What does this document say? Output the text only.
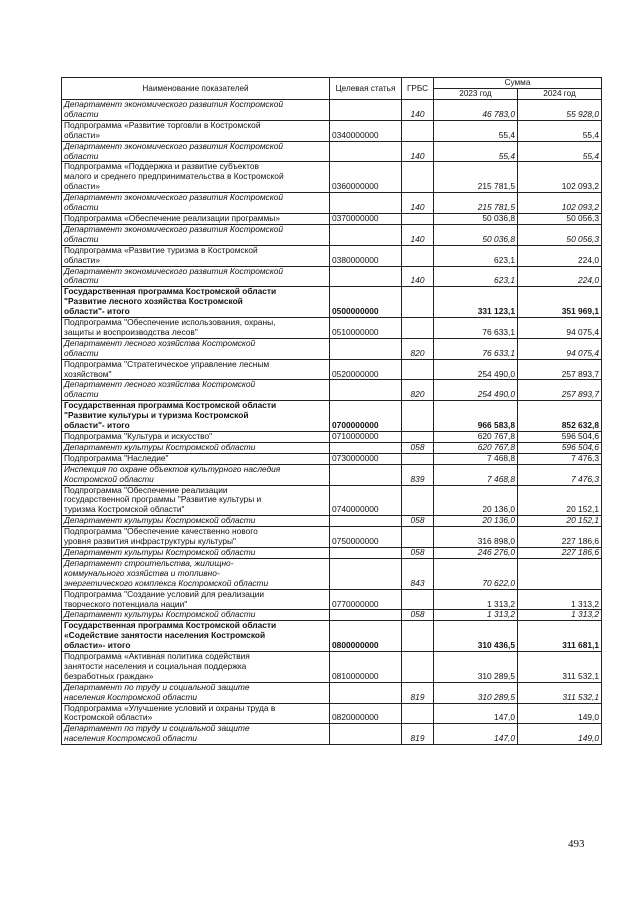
Наименование показателей	Целевая статья	ГРБС	Сумма	
			2023 год	2024 год

Департамент экономического развития Костромской
области		140	46 783,0	55 928,0

Подпрограмма «Развитие торговли в Костромской
области»	0340000000		55,4	55,4

Департамент экономического развития Костромской
области		140	55,4	55,4

Подпрограмма «Поддержка и развитие субъектов
малого и среднего предпринимательства в Костромской
области»	0360000000		215 781,5	102 093,2

Департамент экономического развития Костромской
области		140	215 781,5	102 093,2

Подпрограмма «Обеспечение реализации программы»	0370000000		50 036,8	50 056,3

Департамент экономического развития Костромской
области		140	50 036,8	50 056,3

Подпрограмма «Развитие туризма в Костромской
области»	0380000000		623,1	224,0

Департамент экономического развития Костромской
области		140	623,1	224,0

Государственная программа Костромской области
"Развитие лесного хозяйства Костромской
области"- итого	0500000000		331 123,1	351 969,1

Подпрограмма "Обеспечение использования, охраны,
защиты и воспроизводства лесов"	0510000000		76 633,1	94 075,4

Департамент лесного хозяйства Костромской
области		820	76 633,1	94 075,4

Подпрограмма "Стратегическое управление лесным
хозяйством"	0520000000		254 490,0	257 893,7

Департамент лесного хозяйства Костромской
области		820	254 490,0	257 893,7

Государственная программа Костромской области
"Развитие культуры и туризма Костромской
области"- итого	0700000000		966 583,8	852 632,8

Подпрограмма "Культура и искусство"	0710000000		620 767,8	596 504,6

Департамент культуры Костромской области		058	620 767,8	596 504,6

Подпрограмма "Наследие"	0730000000		7 468,8	7 476,3

Инспекция по охране объектов культурного наследия
Костромской области		839	7 468,8	7 476,3

Подпрограмма "Обеспечение реализации
государственной программы "Развитие культуры и
туризма Костромской области"	0740000000		20 136,0	20 152,1

Департамент культуры Костромской области		058	20 136,0	20 152,1

Подпрограмма "Обеспечение качественно нового
уровня развития инфраструктуры культуры"	0750000000		316 898,0	227 186,6

Департамент культуры Костромской области		058	246 276,0	227 186,6

Департамент строительства, жилищно-
коммунального хозяйства и топливно-
энергетического комплекса Костромской области		843	70 622,0	

Подпрограмма "Создание условий для реализации
творческого потенциала нации"	0770000000		1 313,2	1 313,2

Департамент культуры Костромской области		058	1 313,2	1 313,2

Государственная программа Костромской области
«Содействие занятости населения Костромской
области»- итого	0800000000		310 436,5	311 681,1

Подпрограмма «Активная политика содействия
занятости населения и социальная поддержка
безработных граждан»	0810000000		310 289,5	311 532,1

Департамент по труду и социальной защите
населения Костромской области		819	310 289,5	311 532,1

Подпрограмма «Улучшение условий и охраны труда в
Костромской области»	0820000000		147,0	149,0

Департамент по труду и социальной защите
населения Костромской области		819	147,0	149,0
493
